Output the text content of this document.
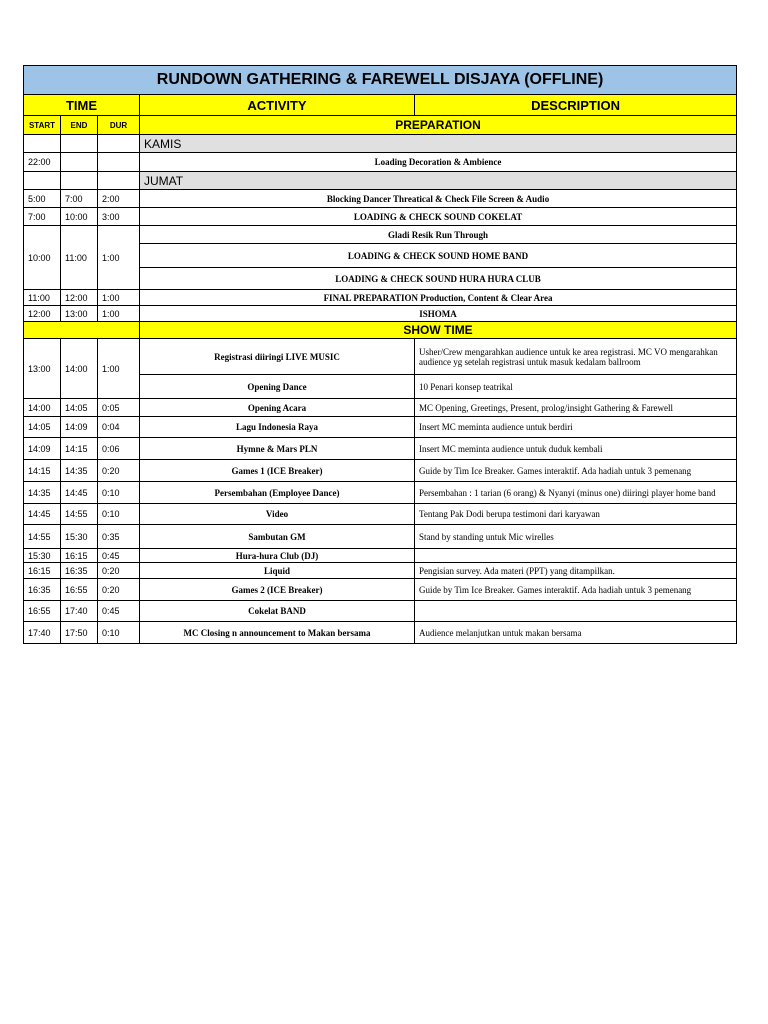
RUNDOWN GATHERING & FAREWELL DISJAYA (OFFLINE)				
TIME			ACTIVITY	DESCRIPTION
START	END	DUR	PREPARATION	
			KAMIS	
22:00			Loading Decoration & Ambience	
			JUMAT	
5:00	7:00	2:00	Blocking Dancer Threatical & Check File Screen & Audio	
7:00	10:00	3:00	LOADING & CHECK SOUND COKELAT	
10:00	11:00	1:00	Gladi Resik Run Through	
			LOADING & CHECK SOUND HOME BAND	
			LOADING & CHECK SOUND HURA HURA CLUB	
11:00	12:00	1:00	FINAL PREPARATION Production, Content & Clear Area	
12:00	13:00	1:00	ISHOMA	
			SHOW TIME	
13:00	14:00	1:00	Registrasi diiringi LIVE MUSIC	Usher/Crew mengarahkan audience untuk ke area registrasi. MC VO mengarahkan audience yg setelah registrasi untuk masuk kedalam ballroom
			Opening Dance	10 Penari konsep teatrikal
14:00	14:05	0:05	Opening Acara	MC Opening, Greetings, Present, prolog/insight Gathering & Farewell
14:05	14:09	0:04	Lagu Indonesia Raya	Insert MC meminta audience untuk berdiri
14:09	14:15	0:06	Hymne & Mars PLN	Insert MC meminta audience untuk duduk kembali
14:15	14:35	0:20	Games 1 (ICE Breaker)	Guide by Tim Ice Breaker. Games interaktif. Ada hadiah untuk 3 pemenang
14:35	14:45	0:10	Persembahan (Employee Dance)	Persembahan : 1 tarian (6 orang) & Nyanyi (minus one) diiringi player home band
14:45	14:55	0:10	Video	Tentang Pak Dodi berupa testimoni dari karyawan
14:55	15:30	0:35	Sambutan GM	Stand by standing untuk Mic wirelles
15:30	16:15	0:45	Hura-hura Club (DJ)	
16:15	16:35	0:20	Liquid	Pengisian survey. Ada materi (PPT) yang ditampilkan.
16:35	16:55	0:20	Games 2 (ICE Breaker)	Guide by Tim Ice Breaker. Games interaktif. Ada hadiah untuk 3 pemenang
16:55	17:40	0:45	Cokelat BAND	
17:40	17:50	0:10	MC Closing n announcement to Makan bersama	Audience melanjutkan untuk makan bersama
